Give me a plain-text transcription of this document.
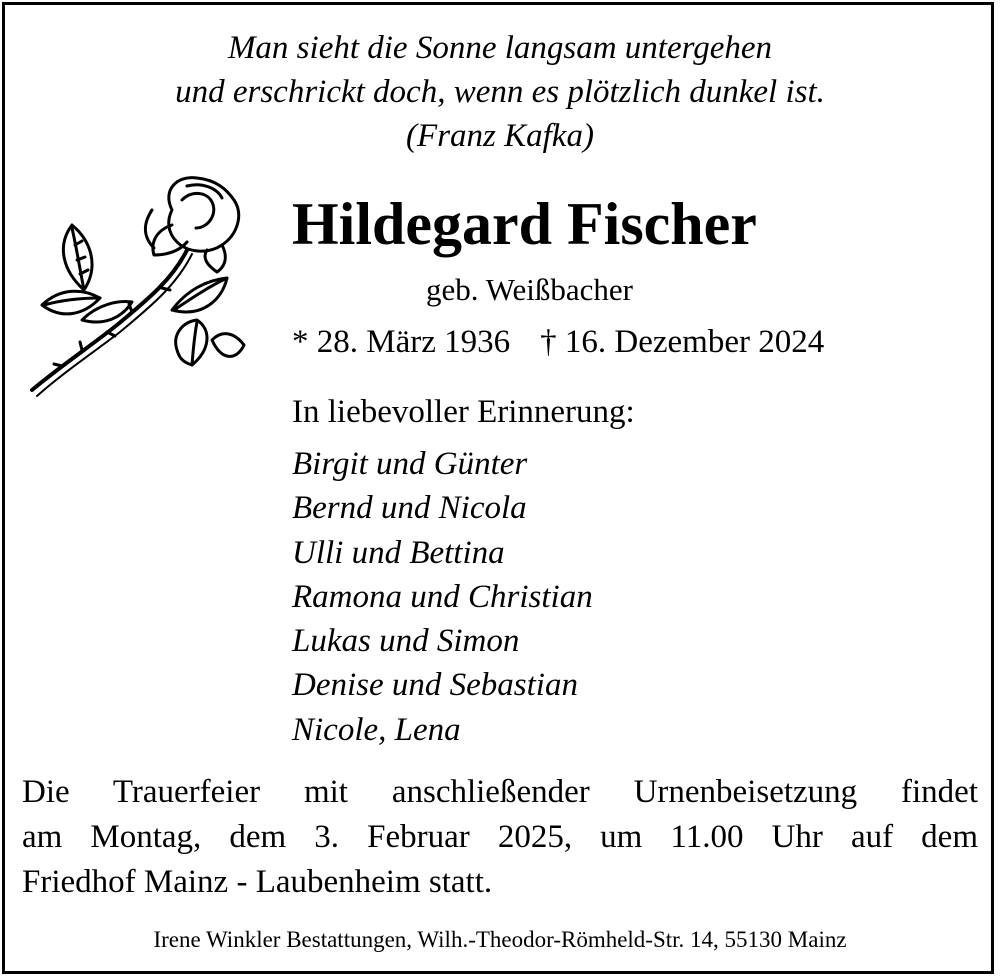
Man sieht die Sonne langsam untergehen
und erschrickt doch, wenn es plötzlich dunkel ist.
(Franz Kafka)
Hildegard Fischer
geb. Weißbacher
* 28. März 1936 † 16. Dezember 2024
In liebevoller Erinnerung:
Birgit und Günter
Bernd und Nicola
Ulli und Bettina
Ramona und Christian
Lukas und Simon
Denise und Sebastian
Nicole, Lena
Die Trauerfeier mit anschließender Urnenbeisetzung findet
am Montag, dem 3. Februar 2025, um 11.00 Uhr auf dem
Friedhof Mainz - Laubenheim statt.
Irene Winkler Bestattungen, Wilh.-Theodor-Römheld-Str. 14, 55130 Mainz
